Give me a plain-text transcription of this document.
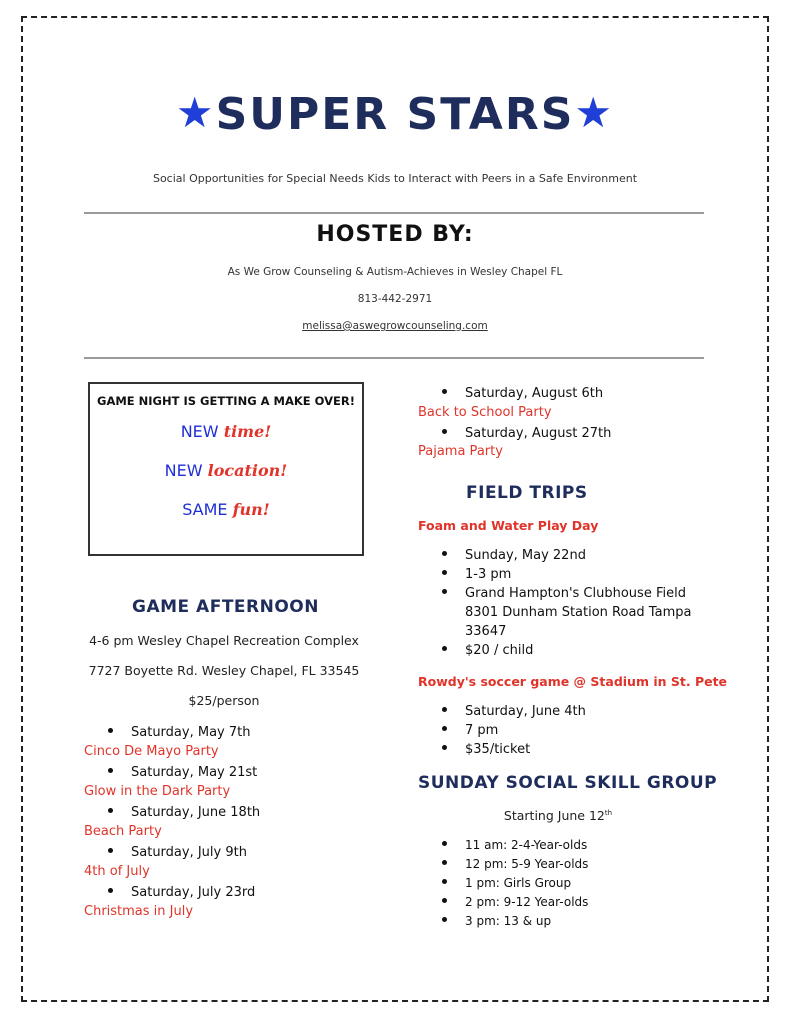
★SUPER STARS★
Social Opportunities for Special Needs Kids to Interact with Peers in a Safe Environment
HOSTED BY:
As We Grow Counseling & Autism-Achieves in Wesley Chapel FL
813-442-2971
melissa@aswegrowcounseling.com
GAME NIGHT IS GETTING A MAKE OVER!
NEW time!
NEW location!
SAME fun!
GAME AFTERNOON
4-6 pm Wesley Chapel Recreation Complex
7727 Boyette Rd. Wesley Chapel, FL 33545
$25/person
Saturday, May 7th
Cinco De Mayo Party
Saturday, May 21st
Glow in the Dark Party
Saturday, June 18th
Beach Party
Saturday, July 9th
4th of July
Saturday, July 23rd
Christmas in July
Saturday, August 6th
Back to School Party
Saturday, August 27th
Pajama Party
FIELD TRIPS
Foam and Water Play Day
Sunday, May 22nd
1-3 pm
Grand Hampton's Clubhouse Field
8301 Dunham Station Road Tampa
33647
$20 / child
Rowdy's soccer game @ Stadium in St. Pete
Saturday, June 4th
7 pm
$35/ticket
SUNDAY SOCIAL SKILL GROUP
Starting June 12th
11 am: 2-4-Year-olds
12 pm: 5-9 Year-olds
1 pm: Girls Group
2 pm: 9-12 Year-olds
3 pm: 13 & up
